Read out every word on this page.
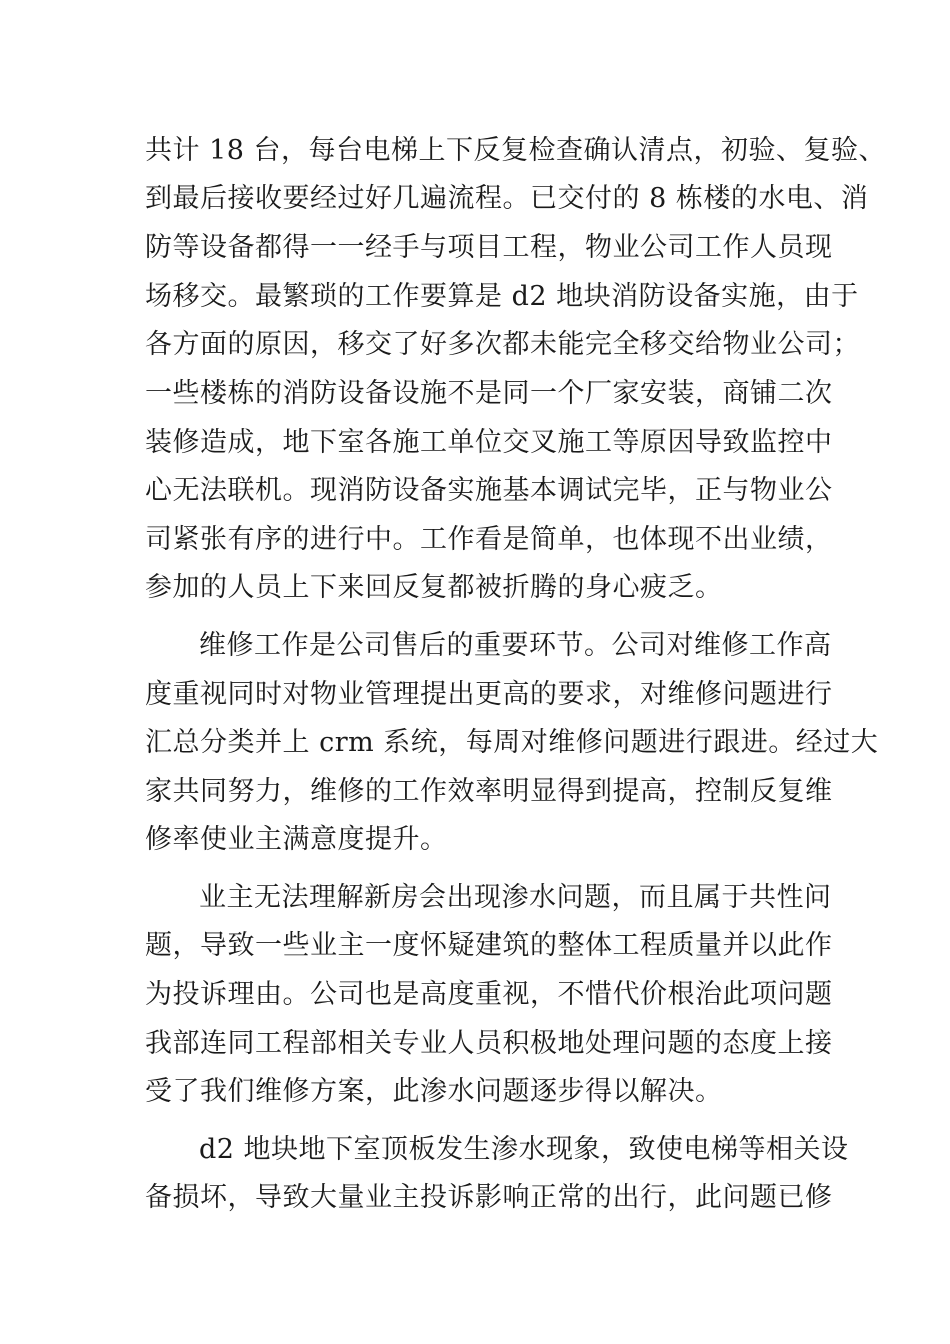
共计 18 台，每台电梯上下反复检查确认清点，初验、复验、
到最后接收要经过好几遍流程。已交付的 8 栋楼的水电、消
防等设备都得一一经手与项目工程，物业公司工作人员现
场移交。最繁琐的工作要算是 d2 地块消防设备实施，由于
各方面的原因，移交了好多次都未能完全移交给物业公司；
一些楼栋的消防设备设施不是同一个厂家安装，商铺二次
装修造成，地下室各施工单位交叉施工等原因导致监控中
心无法联机。现消防设备实施基本调试完毕，正与物业公
司紧张有序的进行中。工作看是简单，也体现不出业绩，
参加的人员上下来回反复都被折腾的身心疲乏。
维修工作是公司售后的重要环节。公司对维修工作高
度重视同时对物业管理提出更高的要求，对维修问题进行
汇总分类并上 crm 系统，每周对维修问题进行跟进。经过大
家共同努力，维修的工作效率明显得到提高，控制反复维
修率使业主满意度提升。
业主无法理解新房会出现渗水问题，而且属于共性问
题，导致一些业主一度怀疑建筑的整体工程质量并以此作
为投诉理由。公司也是高度重视，不惜代价根治此项问题
我部连同工程部相关专业人员积极地处理问题的态度上接
受了我们维修方案，此渗水问题逐步得以解决。
d2 地块地下室顶板发生渗水现象，致使电梯等相关设
备损坏，导致大量业主投诉影响正常的出行，此问题已修
